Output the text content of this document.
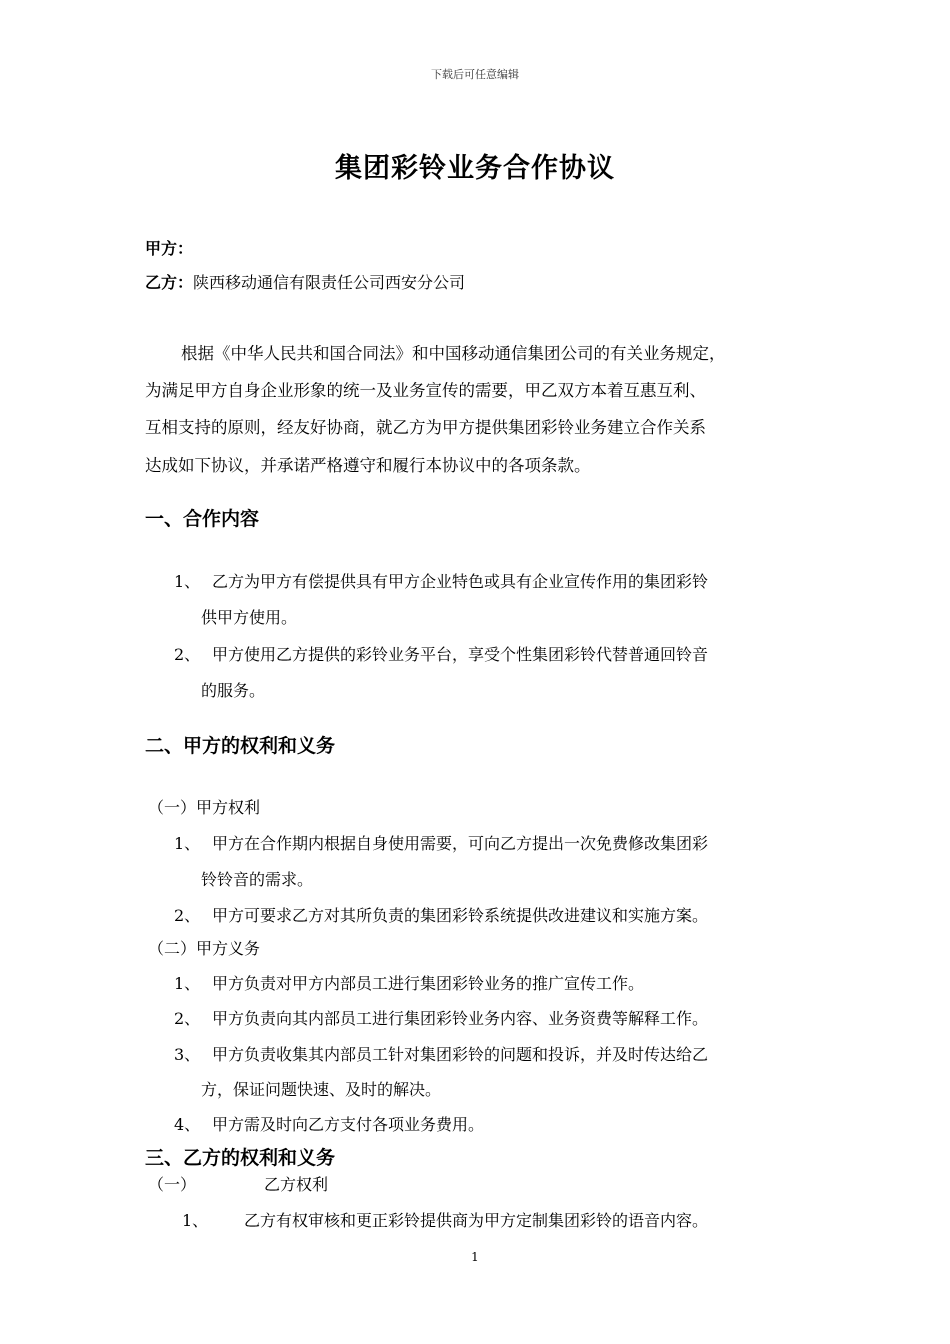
下载后可任意编辑
集团彩铃业务合作协议
甲方：
乙方：陕西移动通信有限责任公司西安分公司
根据《中华人民共和国合同法》和中国移动通信集团公司的有关业务规定，
为满足甲方自身企业形象的统一及业务宣传的需要，甲乙双方本着互惠互利、
互相支持的原则，经友好协商，就乙方为甲方提供集团彩铃业务建立合作关系
达成如下协议，并承诺严格遵守和履行本协议中的各项条款。
一、合作内容
1、 乙方为甲方有偿提供具有甲方企业特色或具有企业宣传作用的集团彩铃
供甲方使用。
2、 甲方使用乙方提供的彩铃业务平台，享受个性集团彩铃代替普通回铃音
的服务。
二、甲方的权利和义务
（一）甲方权利
1、 甲方在合作期内根据自身使用需要，可向乙方提出一次免费修改集团彩
铃铃音的需求。
2、 甲方可要求乙方对其所负责的集团彩铃系统提供改进建议和实施方案。
（二）甲方义务
1、 甲方负责对甲方内部员工进行集团彩铃业务的推广宣传工作。
2、 甲方负责向其内部员工进行集团彩铃业务内容、业务资费等解释工作。
3、 甲方负责收集其内部员工针对集团彩铃的问题和投诉，并及时传达给乙
方，保证问题快速、及时的解决。
4、 甲方需及时向乙方支付各项业务费用。
三、乙方的权利和义务
（一）	乙方权利
1、 乙方有权审核和更正彩铃提供商为甲方定制集团彩铃的语音内容。
1
